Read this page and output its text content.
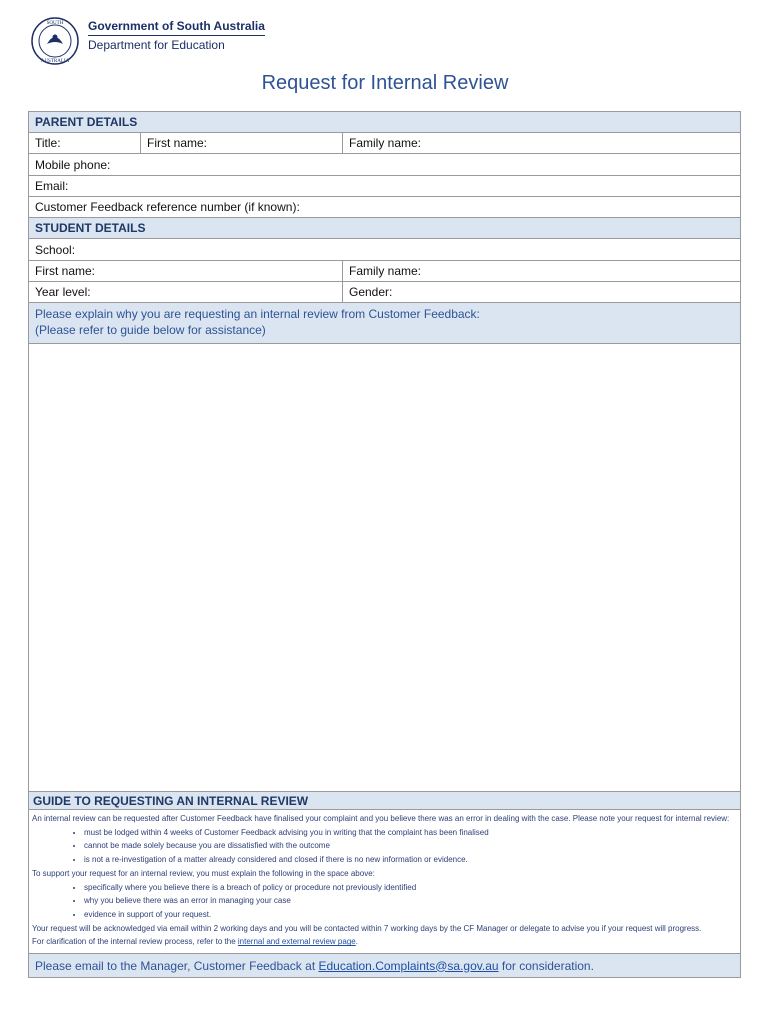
SOUTH
AUSTRALIA
Government of South Australia
Department for Education
Request for Internal Review
PARENT DETAILS
Title:	First name:	Family name:
Mobile phone:
Email:
Customer Feedback reference number (if known):
STUDENT DETAILS
School:
First name:	Family name:
Year level:	Gender:
Please explain why you are requesting an internal review from Customer Feedback:
(Please refer to guide below for assistance)
GUIDE TO REQUESTING AN INTERNAL REVIEW
An internal review can be requested after Customer Feedback have finalised your complaint and you believe there was an error in dealing with the case. Please note your request for internal review:
• must be lodged within 4 weeks of Customer Feedback advising you in writing that the complaint has been finalised
• cannot be made solely because you are dissatisfied with the outcome
• is not a re-investigation of a matter already considered and closed if there is no new information or evidence.
To support your request for an internal review, you must explain the following in the space above:
• specifically where you believe there is a breach of policy or procedure not previously identified
• why you believe there was an error in managing your case
• evidence in support of your request.
Your request will be acknowledged via email within 2 working days and you will be contacted within 7 working days by the CF Manager or delegate to advise you if your request will progress.
For clarification of the internal review process, refer to the internal and external review page.
Please email to the Manager, Customer Feedback at Education.Complaints@sa.gov.au for consideration.
